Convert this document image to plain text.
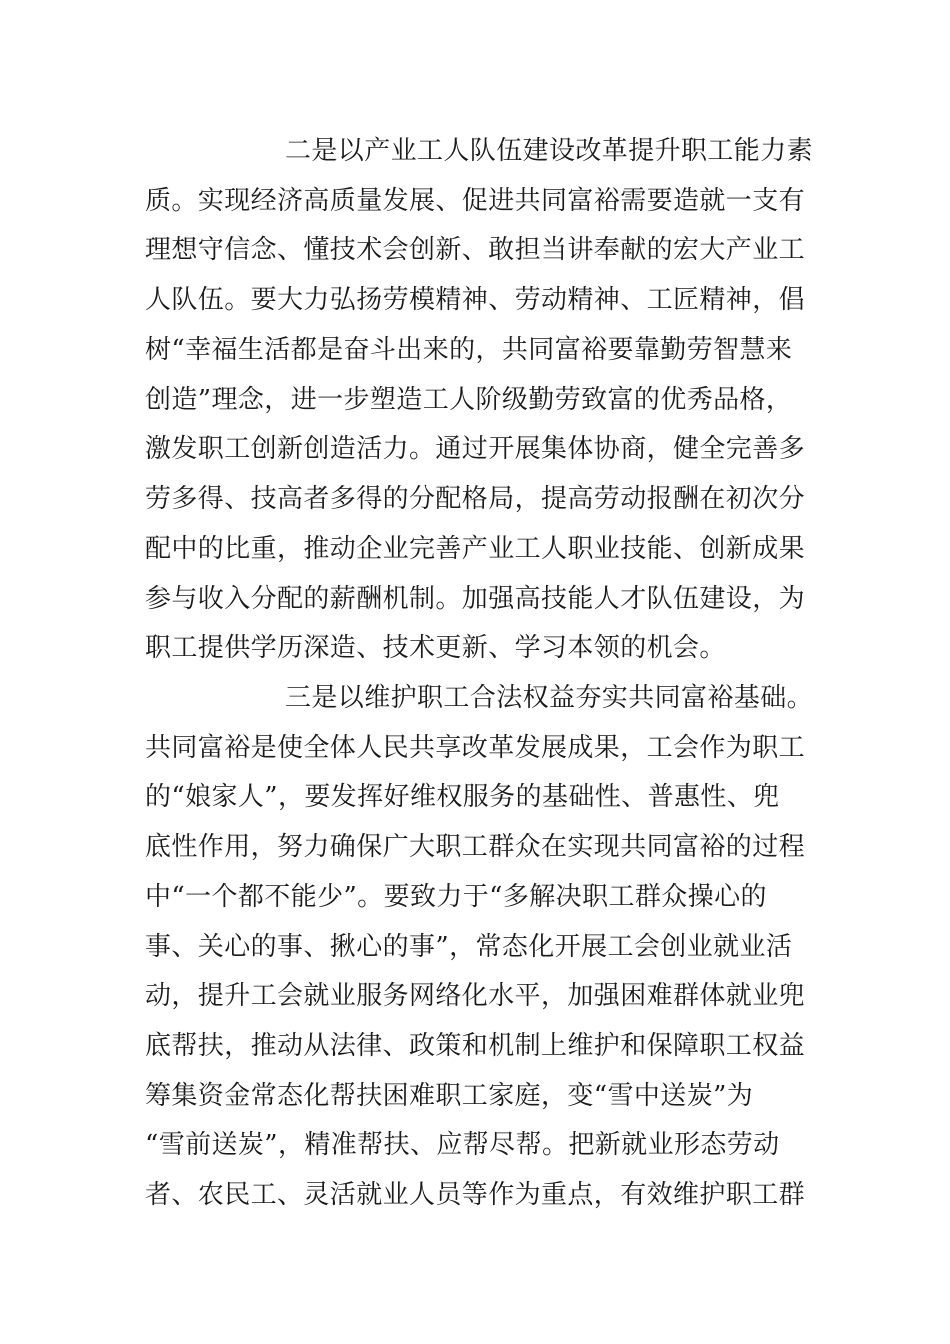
二是以产业工人队伍建设改革提升职工能力素
质。实现经济高质量发展、促进共同富裕需要造就一支有
理想守信念、懂技术会创新、敢担当讲奉献的宏大产业工
人队伍。要大力弘扬劳模精神、劳动精神、工匠精神，倡
树“幸福生活都是奋斗出来的，共同富裕要靠勤劳智慧来
创造”理念，进一步塑造工人阶级勤劳致富的优秀品格，
激发职工创新创造活力。通过开展集体协商，健全完善多
劳多得、技高者多得的分配格局，提高劳动报酬在初次分
配中的比重，推动企业完善产业工人职业技能、创新成果
参与收入分配的薪酬机制。加强高技能人才队伍建设，为
职工提供学历深造、技术更新、学习本领的机会。
三是以维护职工合法权益夯实共同富裕基础。
共同富裕是使全体人民共享改革发展成果，工会作为职工
的“娘家人”，要发挥好维权服务的基础性、普惠性、兜
底性作用，努力确保广大职工群众在实现共同富裕的过程
中“一个都不能少”。要致力于“多解决职工群众操心的
事、关心的事、揪心的事”，常态化开展工会创业就业活
动，提升工会就业服务网络化水平，加强困难群体就业兜
底帮扶，推动从法律、政策和机制上维护和保障职工权益
筹集资金常态化帮扶困难职工家庭，变“雪中送炭”为
“雪前送炭”，精准帮扶、应帮尽帮。把新就业形态劳动
者、农民工、灵活就业人员等作为重点，有效维护职工群
